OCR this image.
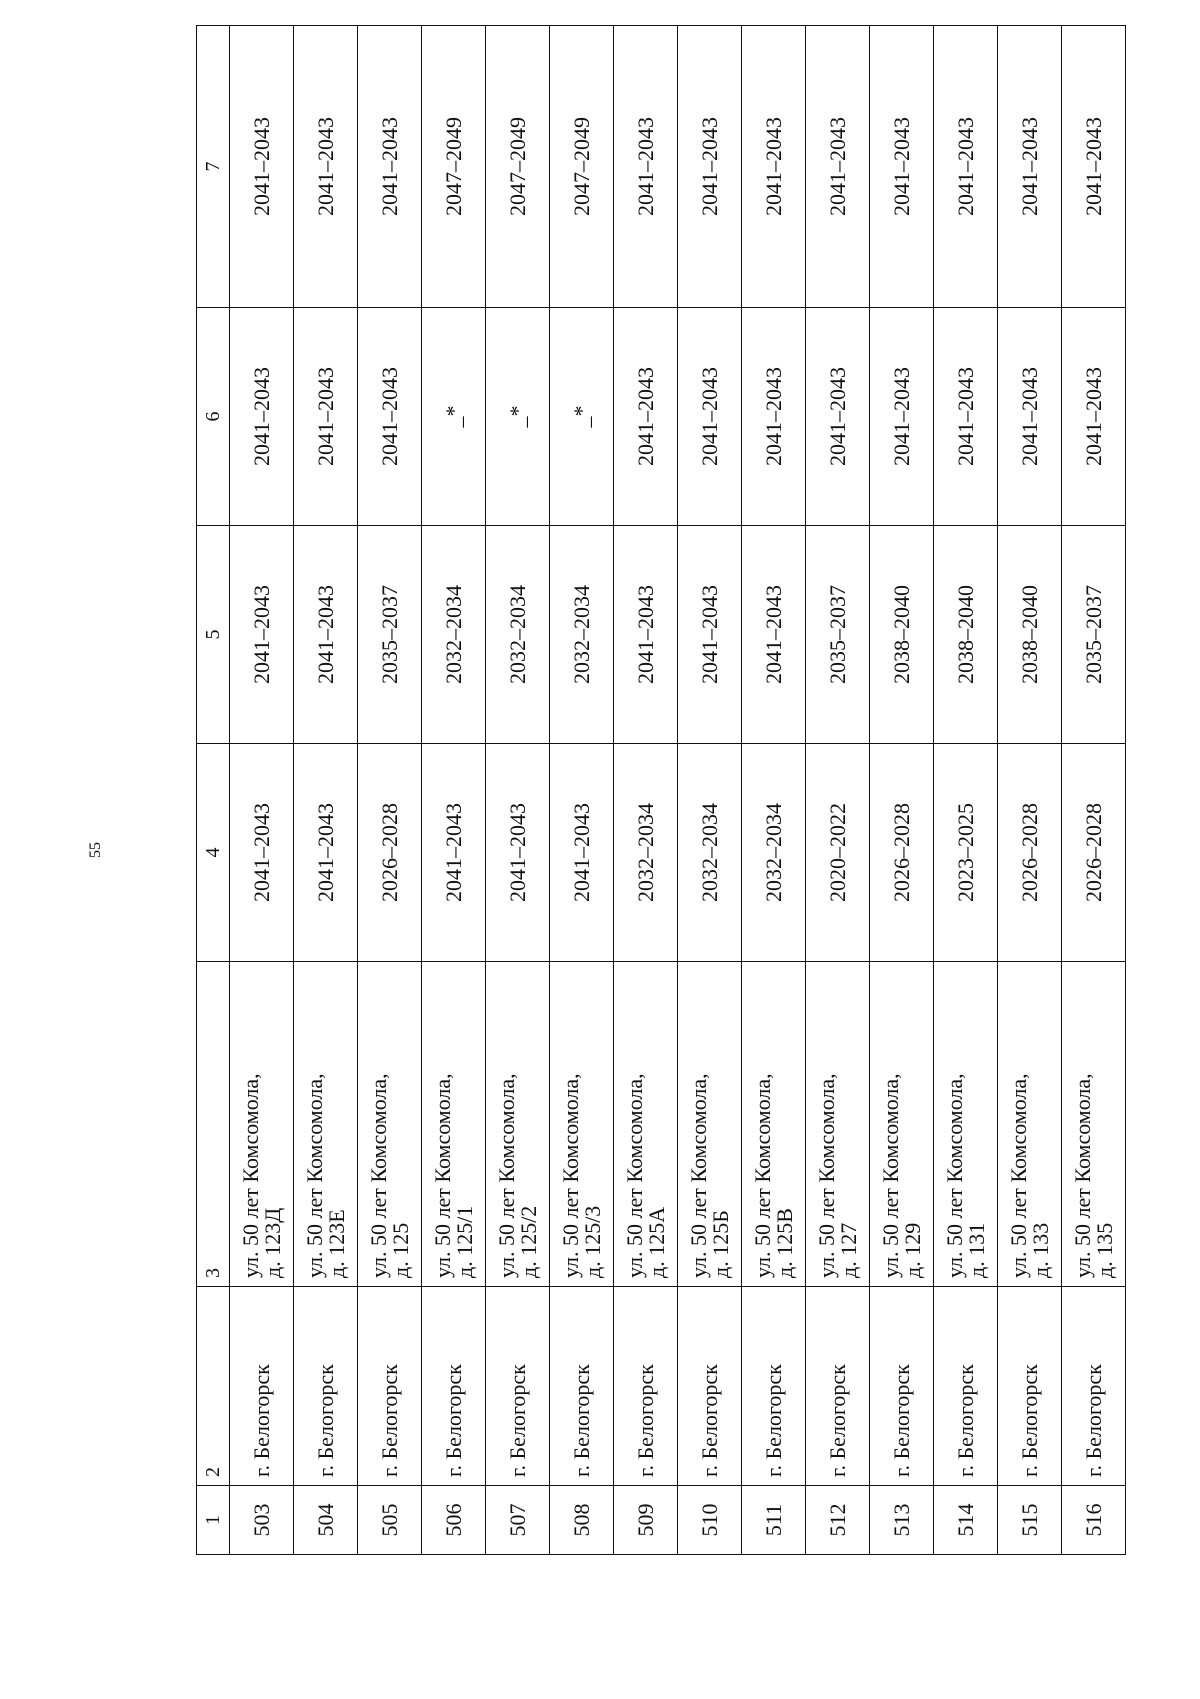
55
1	2	3	4	5	6	7
503	г. Белогорск	ул. 50 лет Комсомола,
д. 123Д	2041–2043	2041–2043	2041–2043	2041–2043
504	г. Белогорск	ул. 50 лет Комсомола,
д. 123Е	2041–2043	2041–2043	2041–2043	2041–2043
505	г. Белогорск	ул. 50 лет Комсомола,
д. 125	2026–2028	2035–2037	2041–2043	2041–2043
506	г. Белогорск	ул. 50 лет Комсомола,
д. 125/1	2041–2043	2032–2034	_*	2047–2049
507	г. Белогорск	ул. 50 лет Комсомола,
д. 125/2	2041–2043	2032–2034	_*	2047–2049
508	г. Белогорск	ул. 50 лет Комсомола,
д. 125/3	2041–2043	2032–2034	_*	2047–2049
509	г. Белогорск	ул. 50 лет Комсомола,
д. 125А	2032–2034	2041–2043	2041–2043	2041–2043
510	г. Белогорск	ул. 50 лет Комсомола,
д. 125Б	2032–2034	2041–2043	2041–2043	2041–2043
511	г. Белогорск	ул. 50 лет Комсомола,
д. 125В	2032–2034	2041–2043	2041–2043	2041–2043
512	г. Белогорск	ул. 50 лет Комсомола,
д. 127	2020–2022	2035–2037	2041–2043	2041–2043
513	г. Белогорск	ул. 50 лет Комсомола,
д. 129	2026–2028	2038–2040	2041–2043	2041–2043
514	г. Белогорск	ул. 50 лет Комсомола,
д. 131	2023–2025	2038–2040	2041–2043	2041–2043
515	г. Белогорск	ул. 50 лет Комсомола,
д. 133	2026–2028	2038–2040	2041–2043	2041–2043
516	г. Белогорск	ул. 50 лет Комсомола,
д. 135	2026–2028	2035–2037	2041–2043	2041–2043
